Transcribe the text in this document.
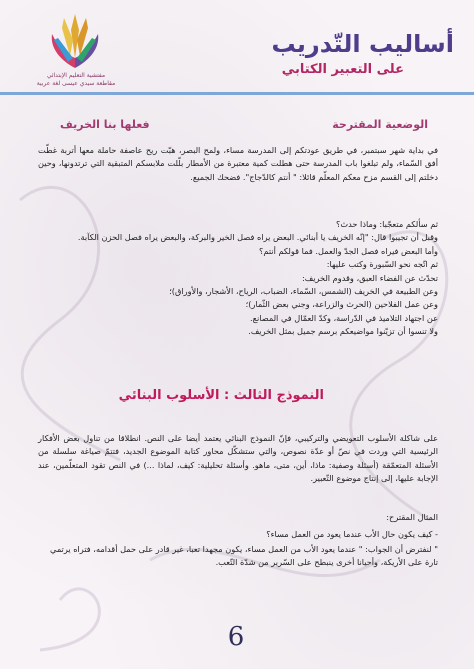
مفتشية التعليم الإبتدائي
مقاطعة سيدي عيسى لغة عربية
أساليب التّدريب
على التعبير الكتابي
الوضعية المقترحة
فعلها بنا الخريف
في بداية شهر سبتمبر، في طريق عودتكم إلى المدرسة مساء، ولمح البصر، هبّت ريح عاصفة حاملة معها أتربة غطّت أفق السّماء، ولم تبلغوا باب المدرسة حتى هطلت كمية معتبرة من الأمطار بلّلت ملابسكم المتبقية التي ترتدونها، وحين دخلتم إلى القسم مزح معكم المعلّم قائلا: " أنتم كالدّجاج". فضحك الجميع.
ثم سألكم متعجّبا: وماذا حدث؟
وقبل أن تجيبوا قال: "إنّه الخريف يا أبنائي. البعض يراه فصل الخير والبركة، والبعض يراه فصل الحزن الكآبة.
وأما البعض فيراه فصل الجدّ والعمل. فما قولكم أنتم؟
ثم اتّجه نحو السّبورة وكتب عليها:
تحدّث عن الفضاء العبق، وقدوم الخريف:
وعن الطبيعة في الخريف (الشمس، السّماء، الضباب، الرياح، الأشجار، والأوراق)؛
وعن عمل الفلاحين (الحرث والزراعة، وجني بعض الثّمار)؛
عن اجتهاد التلاميذ في الدّراسة، وكدّ العمّال في المصانع.
ولا تنسوا أن تزيّنوا مواضيعكم برسم جميل بمثل الخريف.
النموذج الثالث : الأسلوب البنائي
على شاكلة الأسلوب التعويضي والتركيبي، فإنّ النموذج البنائي يعتمد أيضا على النص. انطلاقا من تناول بعض الأفكار الرئيسية التي وردت في نصّ أو عدّة نصوص، والتي ستشكّل محاور كتابة الموضوع الجديد، فتتمّ صياغة سلسلة من الأسئلة المتعمّقة (أسئلة وصفية: ماذا، أين، متى، ماهو. وأسئلة تحليلية: كيف، لماذا ...) في النص تقود المتعلّمين، عند الإجابة عليها، إلى إنتاج موضوع التّعبير.
المثال المقترح:
- كيف يكون حال الأب عندما يعود من العمل مساء؟
" لنفترض أن الجواب: " عندما يعود الأب من العمل مساء، يكون مجهدا تعبا، غير قادر على حمل أقدامه، فتراه يرتمي تارة على الأريكة، وأحيانا أخرى ينبطح على السّرير من شدّة التّعب.
6
